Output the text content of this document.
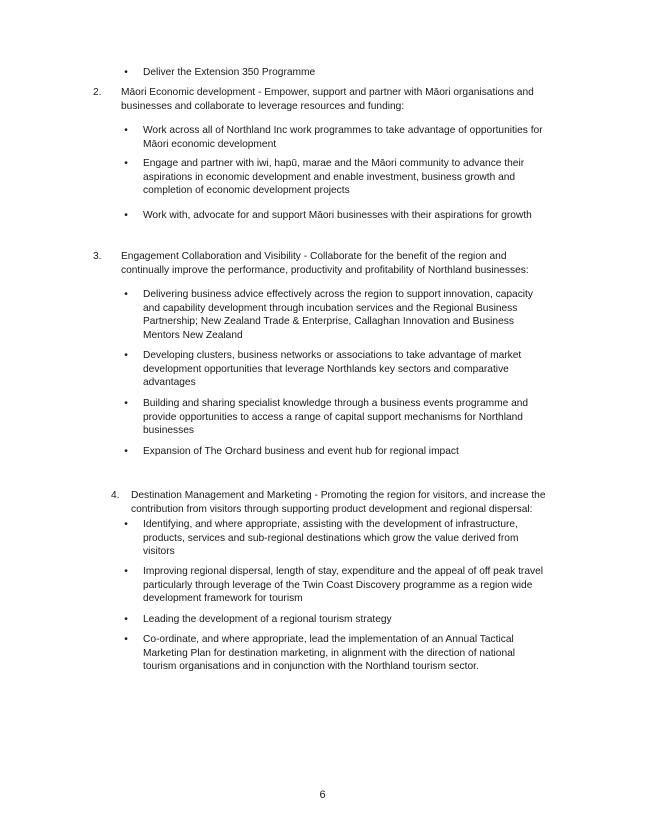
•	Deliver the Extension 350 Programme

2. Māori Economic development - Empower, support and partner with Māori organisations and businesses and collaborate to leverage resources and funding:

•	Work across all of Northland Inc work programmes to take advantage of opportunities for Māori economic development

•	Engage and partner with iwi, hapū, marae and the Māori community to advance their aspirations in economic development and enable investment, business growth and completion of economic development projects

•	Work with, advocate for and support Māori businesses with their aspirations for growth

3. Engagement Collaboration and Visibility - Collaborate for the benefit of the region and continually improve the performance, productivity and profitability of Northland businesses:

•	Delivering business advice effectively across the region to support innovation, capacity and capability development through incubation services and the Regional Business Partnership; New Zealand Trade & Enterprise, Callaghan Innovation and Business Mentors New Zealand

•	Developing clusters, business networks or associations to take advantage of market development opportunities that leverage Northlands key sectors and comparative advantages

•	Building and sharing specialist knowledge through a business events programme and provide opportunities to access a range of capital support mechanisms for Northland businesses

•	Expansion of The Orchard business and event hub for regional impact

4. Destination Management and Marketing - Promoting the region for visitors, and increase the contribution from visitors through supporting product development and regional dispersal:

•	Identifying, and where appropriate, assisting with the development of infrastructure, products, services and sub-regional destinations which grow the value derived from visitors

•	Improving regional dispersal, length of stay, expenditure and the appeal of off peak travel particularly through leverage of the Twin Coast Discovery programme as a region wide development framework for tourism

•	Leading the development of a regional tourism strategy

•	Co-ordinate, and where appropriate, lead the implementation of an Annual Tactical Marketing Plan for destination marketing, in alignment with the direction of national tourism organisations and in conjunction with the Northland tourism sector.

6
